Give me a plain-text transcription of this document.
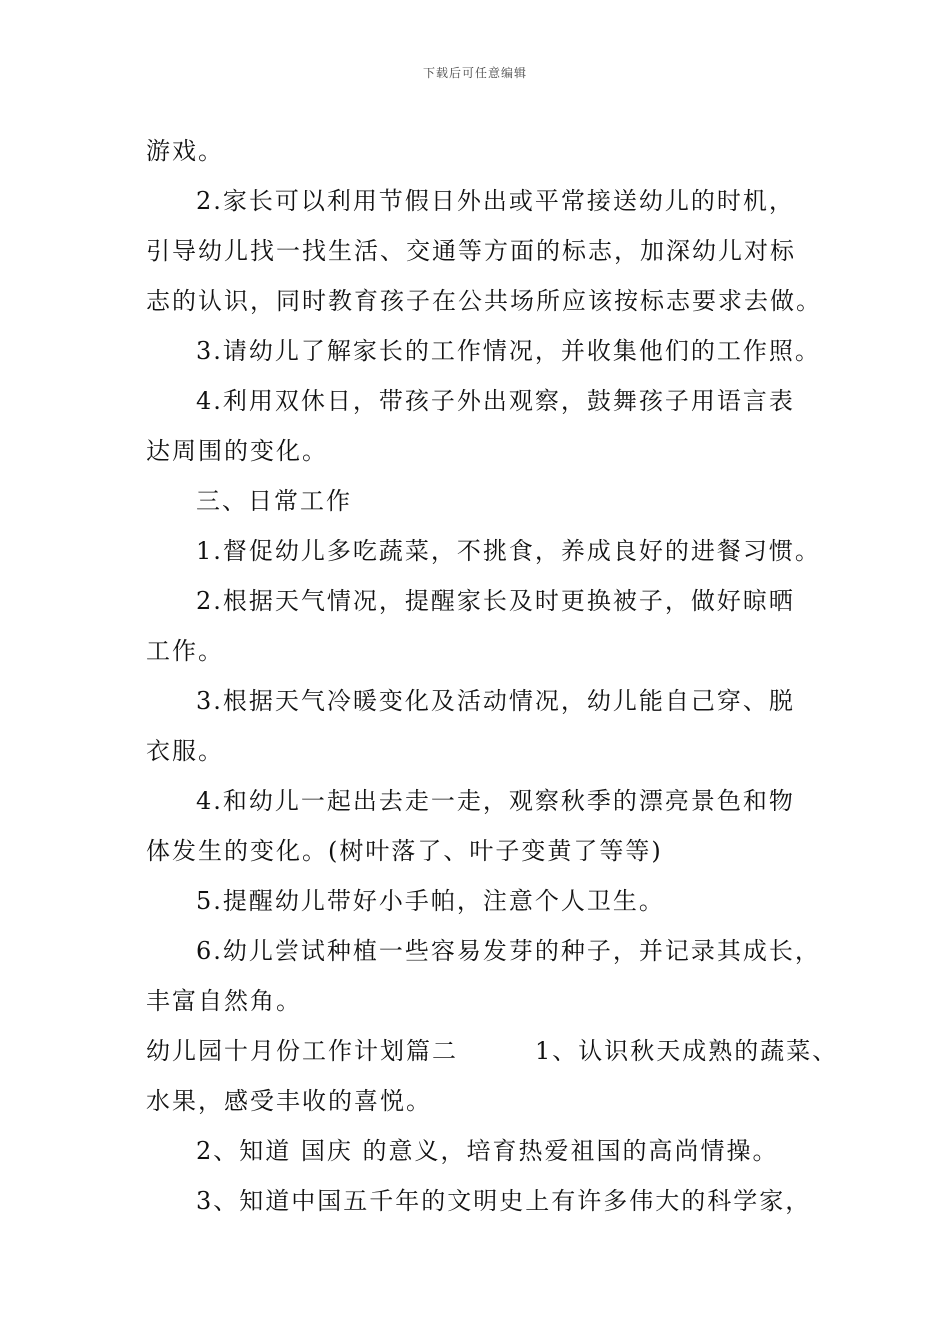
下载后可任意编辑
游戏。
2.家长可以利用节假日外出或平常接送幼儿的时机，
引导幼儿找一找生活、交通等方面的标志，加深幼儿对标
志的认识，同时教育孩子在公共场所应该按标志要求去做。
3.请幼儿了解家长的工作情况，并收集他们的工作照。
4.利用双休日，带孩子外出观察，鼓舞孩子用语言表
达周围的变化。
三、日常工作
1.督促幼儿多吃蔬菜，不挑食，养成良好的进餐习惯。
2.根据天气情况，提醒家长及时更换被子，做好晾晒
工作。
3.根据天气冷暖变化及活动情况，幼儿能自己穿、脱
衣服。
4.和幼儿一起出去走一走，观察秋季的漂亮景色和物
体发生的变化。(树叶落了、叶子变黄了等等)
5.提醒幼儿带好小手帕，注意个人卫生。
6.幼儿尝试种植一些容易发芽的种子，并记录其成长，
丰富自然角。
幼儿园十月份工作计划篇二        1、认识秋天成熟的蔬菜、
水果，感受丰收的喜悦。
2、知道 国庆 的意义，培育热爱祖国的高尚情操。
3、知道中国五千年的文明史上有许多伟大的科学家，
